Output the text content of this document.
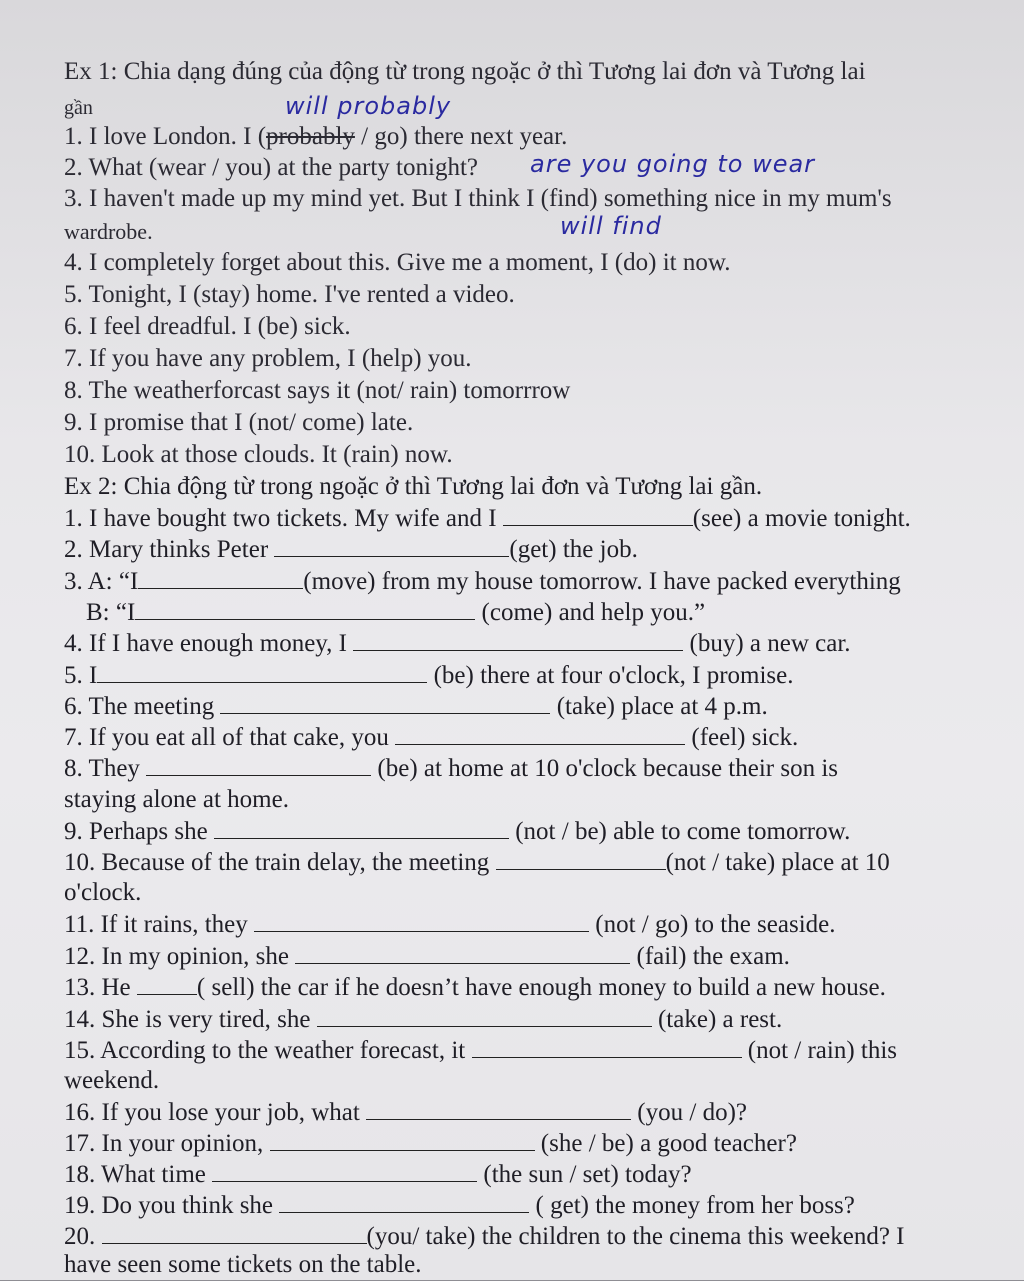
Ex 1: Chia dạng đúng của động từ trong ngoặc ở thì Tương lai đơn và Tương lai
gần	will probably
1. I love London. I (probably / go) there next year.
2. What (wear / you) at the party tonight?	are you going to wear
3. I haven't made up my mind yet. But I think I (find) something nice in my mum's
wardrobe.	will find
4. I completely forget about this. Give me a moment, I (do) it now.
5. Tonight, I (stay) home. I've rented a video.
6. I feel dreadful. I (be) sick.
7. If you have any problem, I (help) you.
8. The weatherforcast says it (not/ rain) tomorrrow
9. I promise that I (not/ come) late.
10. Look at those clouds. It (rain) now.
Ex 2: Chia động từ trong ngoặc ở thì Tương lai đơn và Tương lai gần.
1. I have bought two tickets. My wife and I	(see) a movie tonight.
2. Mary thinks Peter	(get) the job.
3. A: “I	(move) from my house tomorrow. I have packed everything
B: “I	(come) and help you.”
4. If I have enough money, I	(buy) a new car.
5. I	(be) there at four o'clock, I promise.
6. The meeting	(take) place at 4 p.m.
7. If you eat all of that cake, you	(feel) sick.
8. They	(be) at home at 10 o'clock because their son is
staying alone at home.
9. Perhaps she	(not / be) able to come tomorrow.
10. Because of the train delay, the meeting	(not / take) place at 10
o'clock.
11. If it rains, they	(not / go) to the seaside.
12. In my opinion, she	(fail) the exam.
13. He	( sell) the car if he doesn’t have enough money to build a new house.
14. She is very tired, she	(take) a rest.
15. According to the weather forecast, it	(not / rain) this
weekend.
16. If you lose your job, what	(you / do)?
17. In your opinion,	(she / be) a good teacher?
18. What time	(the sun / set) today?
19. Do you think she	( get) the money from her boss?
20.	(you/ take) the children to the cinema this weekend? I
have seen some tickets on the table.
